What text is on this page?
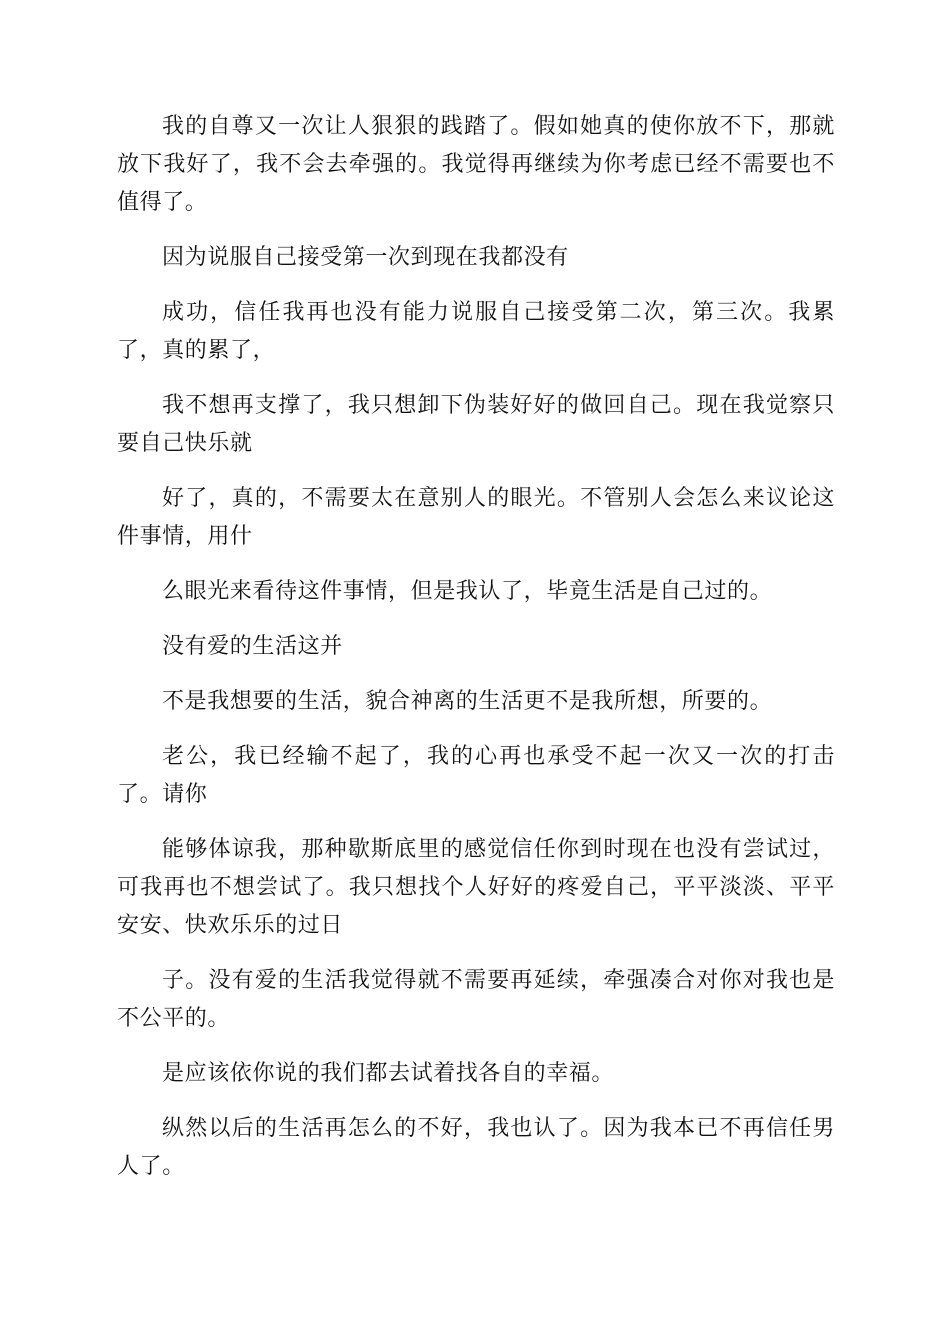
我的自尊又一次让人狠狠的践踏了。假如她真的使你放不下，那就放下我好了，我不会去牵强的。我觉得再继续为你考虑已经不需要也不值得了。

因为说服自己接受第一次到现在我都没有

成功，信任我再也没有能力说服自己接受第二次，第三次。我累了，真的累了，

我不想再支撑了，我只想卸下伪装好好的做回自己。现在我觉察只要自己快乐就

好了，真的，不需要太在意别人的眼光。不管别人会怎么来议论这件事情，用什

么眼光来看待这件事情，但是我认了，毕竟生活是自己过的。

没有爱的生活这并

不是我想要的生活，貌合神离的生活更不是我所想，所要的。

老公，我已经输不起了，我的心再也承受不起一次又一次的打击了。请你

能够体谅我，那种歇斯底里的感觉信任你到时现在也没有尝试过，可我再也不想尝试了。我只想找个人好好的疼爱自己，平平淡淡、平平安安、快欢乐乐的过日

子。没有爱的生活我觉得就不需要再延续，牵强凑合对你对我也是不公平的。

是应该依你说的我们都去试着找各自的幸福。

纵然以后的生活再怎么的不好，我也认了。因为我本已不再信任男人了。
